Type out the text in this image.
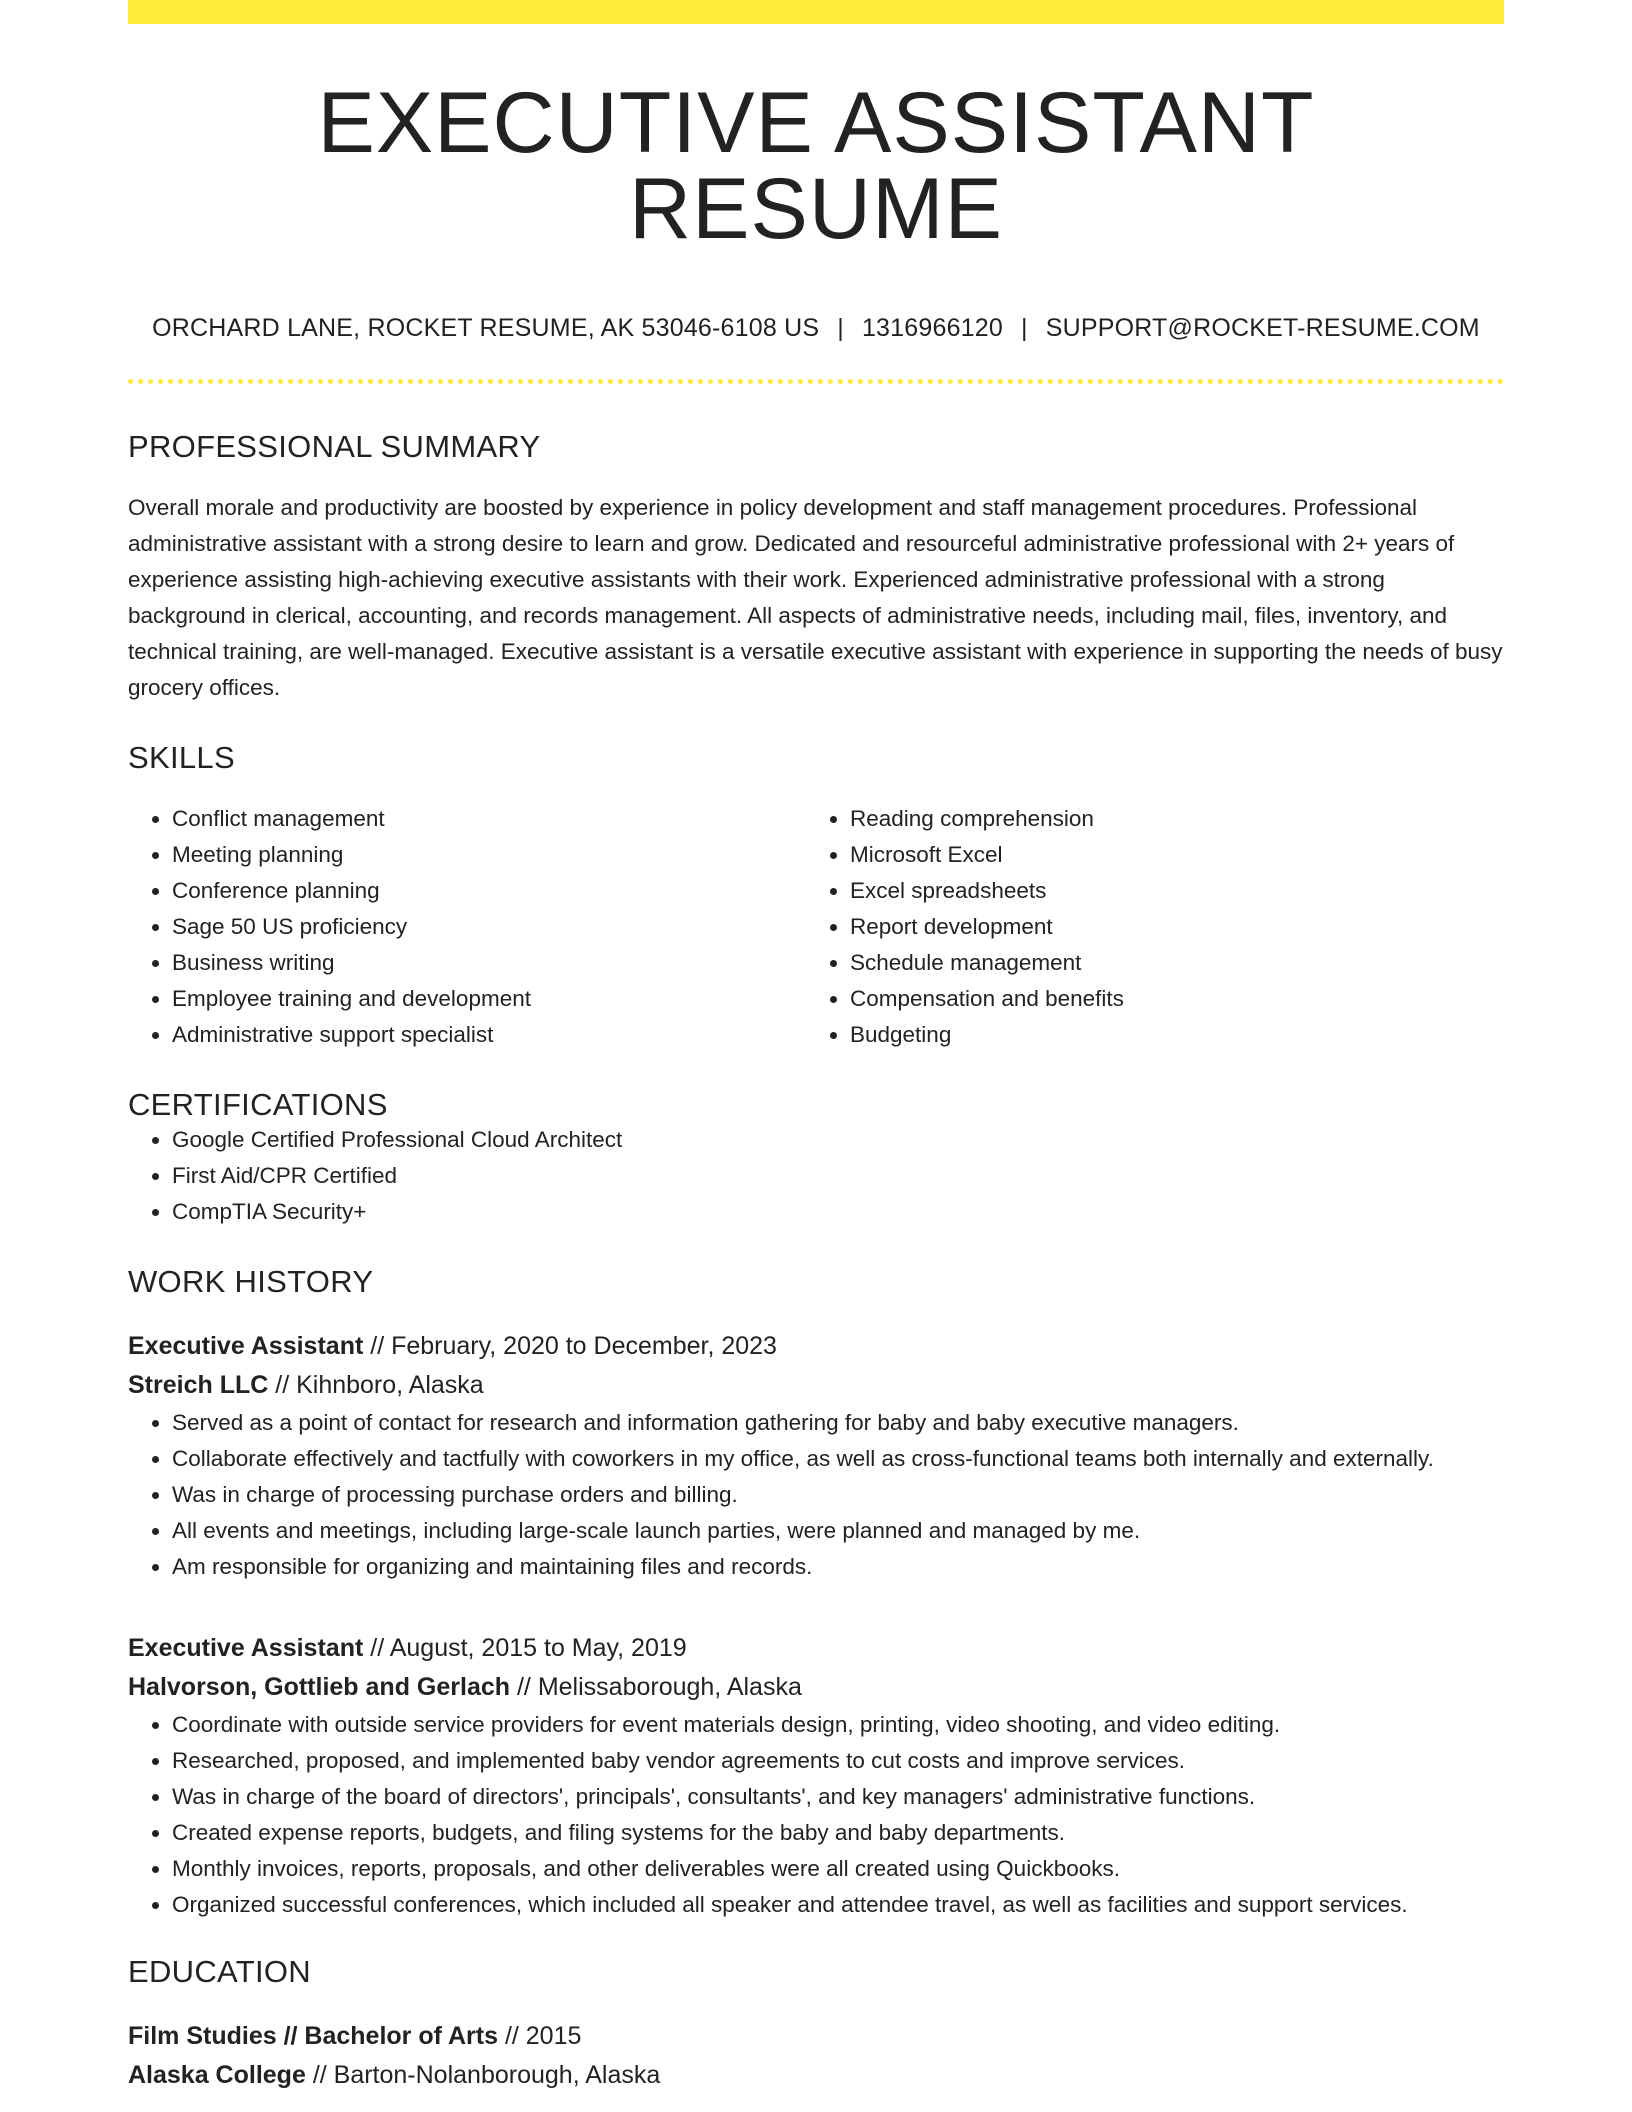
EXECUTIVE ASSISTANT RESUME
ORCHARD LANE, ROCKET RESUME, AK 53046-6108 US | 1316966120 | SUPPORT@ROCKET-RESUME.COM
PROFESSIONAL SUMMARY
Overall morale and productivity are boosted by experience in policy development and staff management procedures. Professional administrative assistant with a strong desire to learn and grow. Dedicated and resourceful administrative professional with 2+ years of experience assisting high-achieving executive assistants with their work. Experienced administrative professional with a strong background in clerical, accounting, and records management. All aspects of administrative needs, including mail, files, inventory, and technical training, are well-managed. Executive assistant is a versatile executive assistant with experience in supporting the needs of busy grocery offices.
SKILLS
• Conflict management
• Meeting planning
• Conference planning
• Sage 50 US proficiency
• Business writing
• Employee training and development
• Administrative support specialist
• Reading comprehension
• Microsoft Excel
• Excel spreadsheets
• Report development
• Schedule management
• Compensation and benefits
• Budgeting
CERTIFICATIONS
• Google Certified Professional Cloud Architect
• First Aid/CPR Certified
• CompTIA Security+
WORK HISTORY
Executive Assistant // February, 2020 to December, 2023
Streich LLC // Kihnboro, Alaska
• Served as a point of contact for research and information gathering for baby and baby executive managers.
• Collaborate effectively and tactfully with coworkers in my office, as well as cross-functional teams both internally and externally.
• Was in charge of processing purchase orders and billing.
• All events and meetings, including large-scale launch parties, were planned and managed by me.
• Am responsible for organizing and maintaining files and records.
Executive Assistant // August, 2015 to May, 2019
Halvorson, Gottlieb and Gerlach // Melissaborough, Alaska
• Coordinate with outside service providers for event materials design, printing, video shooting, and video editing.
• Researched, proposed, and implemented baby vendor agreements to cut costs and improve services.
• Was in charge of the board of directors', principals', consultants', and key managers' administrative functions.
• Created expense reports, budgets, and filing systems for the baby and baby departments.
• Monthly invoices, reports, proposals, and other deliverables were all created using Quickbooks.
• Organized successful conferences, which included all speaker and attendee travel, as well as facilities and support services.
EDUCATION
Film Studies // Bachelor of Arts // 2015
Alaska College // Barton-Nolanborough, Alaska
